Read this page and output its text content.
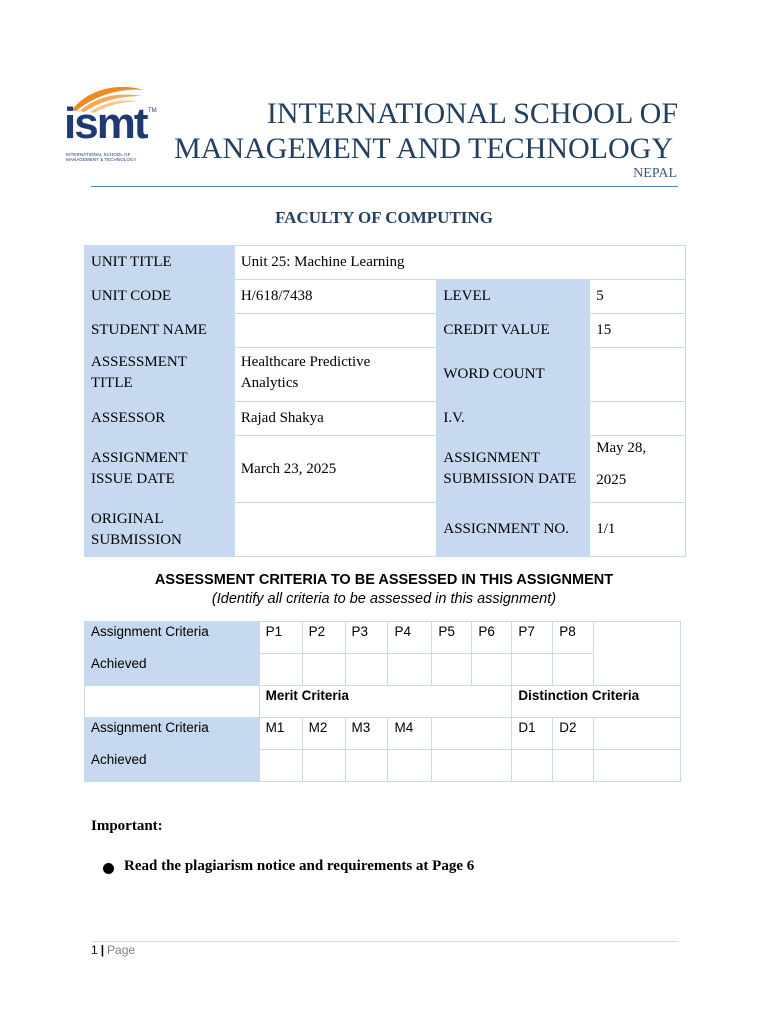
ismt TM
INTERNATIONAL SCHOOL OF MANAGEMENT & TECHNOLOGY
INTERNATIONAL SCHOOL OF
MANAGEMENT AND TECHNOLOGY
NEPAL
FACULTY OF COMPUTING
UNIT TITLE	Unit 25: Machine Learning		
UNIT CODE	H/618/7438	LEVEL	5
STUDENT NAME		CREDIT VALUE	15
ASSESSMENT TITLE	Healthcare Predictive Analytics	WORD COUNT	
ASSESSOR	Rajad Shakya	I.V.	
ASSIGNMENT ISSUE DATE	March 23, 2025	ASSIGNMENT SUBMISSION DATE	May 28,
2025

ORIGINAL SUBMISSION		ASSIGNMENT NO.	1/1
ASSESSMENT CRITERIA TO BE ASSESSED IN THIS ASSIGNMENT
(Identify all criteria to be assessed in this assignment)
Assignment Criteria	P1	P2	P3	P4	P5	P6	P7	P8	
Achieved									
	Merit Criteria						Distinction Criteria		
Assignment Criteria	M1	M2	M3	M4			D1	D2	
Achieved									
Important:
Read the plagiarism notice and requirements at Page 6
1 | Page
